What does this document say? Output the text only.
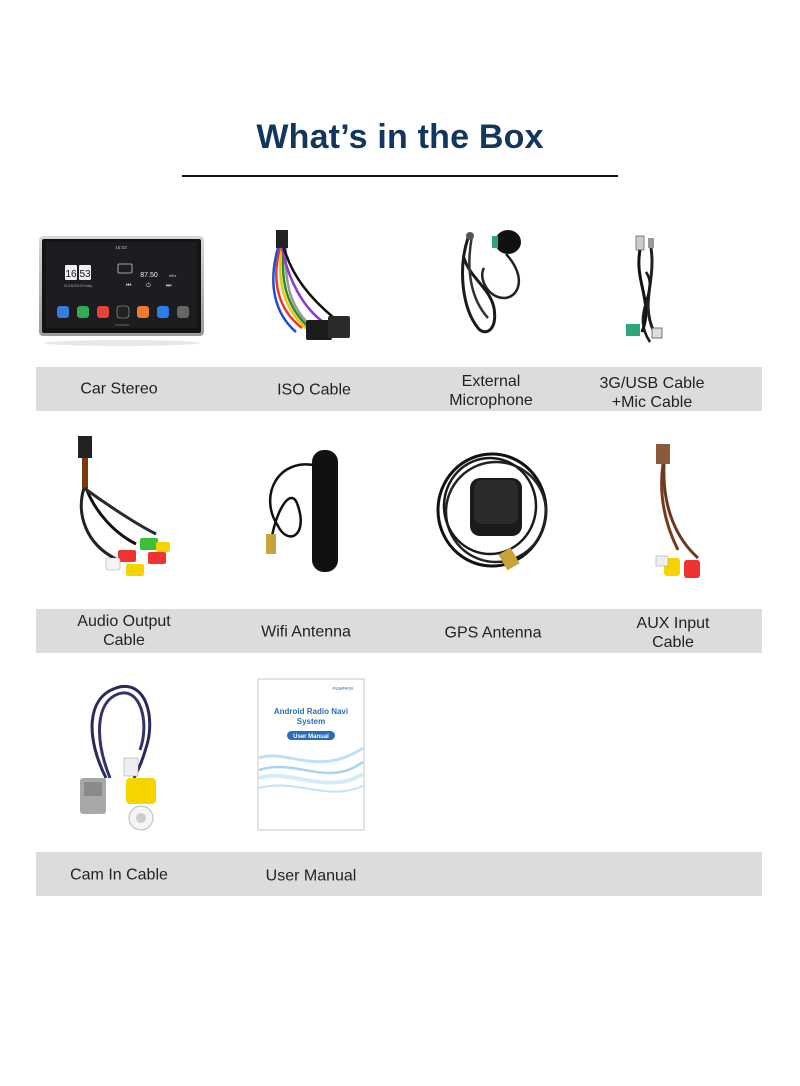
What’s in the Box
16:53
16 53
01/15/2013 Friday
87.50	MHz
⏮ ⏻	⏭
PUMPKIN
Car Stereo	ISO Cable	External
Microphone
3G/USB Cable
+Mic Cable
Audio Output
Cable	Wifi Antenna	GPS Antenna
AUX Input
Cable
PUMPKIN
Android Radio Navi
System
User Manual
Cam In Cable	User Manual
